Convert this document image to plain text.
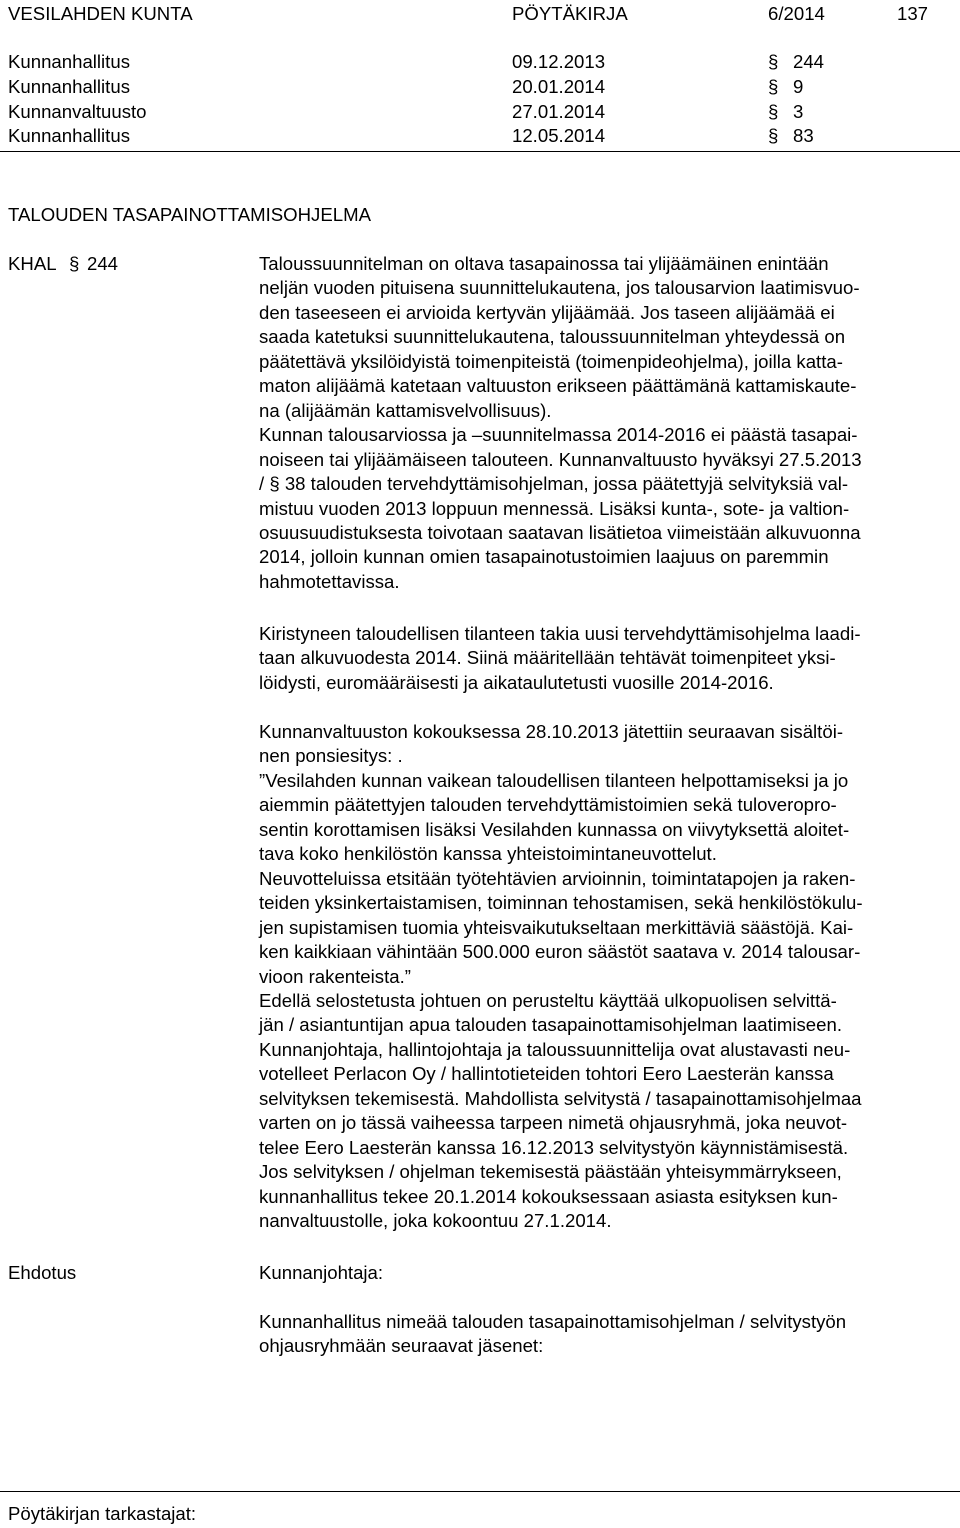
VESILAHDEN KUNTA	PÖYTÄKIRJA	6/2014	137
Kunnanhallitus	09.12.2013	§ 244
Kunnanhallitus	20.01.2014	§ 9
Kunnanvaltuusto	27.01.2014	§ 3
Kunnanhallitus	12.05.2014	§ 83
TALOUDEN TASAPAINOTTAMISOHJELMA
KHAL § 244	Taloussuunnitelman on oltava tasapainossa tai ylijäämäinen enintään
neljän vuoden pituisena suunnittelukautena, jos talousarvion laatimisvuo-
den taseeseen ei arvioida kertyvän ylijäämää. Jos taseen alijäämää ei
saada katetuksi suunnittelukautena, taloussuunnitelman yhteydessä on
päätettävä yksilöidyistä toimenpiteistä (toimenpideohjelma), joilla katta-
maton alijäämä katetaan valtuuston erikseen päättämänä kattamiskaute-
na (alijäämän kattamisvelvollisuus).
Kunnan talousarviossa ja –suunnitelmassa 2014-2016 ei päästä tasapai-
noiseen tai ylijäämäiseen talouteen. Kunnanvaltuusto hyväksyi 27.5.2013
/ § 38 talouden tervehdyttämisohjelman, jossa päätettyjä selvityksiä val-
mistuu vuoden 2013 loppuun mennessä. Lisäksi kunta-, sote- ja valtion-
osuusuudistuksesta toivotaan saatavan lisätietoa viimeistään alkuvuonna
2014, jolloin kunnan omien tasapainotustoimien laajuus on paremmin
hahmotettavissa.

Kiristyneen taloudellisen tilanteen takia uusi tervehdyttämisohjelma laadi-
taan alkuvuodesta 2014. Siinä määritellään tehtävät toimenpiteet yksi-
löidysti, euromääräisesti ja aikataulutetusti vuosille 2014-2016.

Kunnanvaltuuston kokouksessa 28.10.2013 jätettiin seuraavan sisältöi-
nen ponsiesitys: .
”Vesilahden kunnan vaikean taloudellisen tilanteen helpottamiseksi ja jo
aiemmin päätettyjen talouden tervehdyttämistoimien sekä tuloveropro-
sentin korottamisen lisäksi Vesilahden kunnassa on viivytyksettä aloitet-
tava koko henkilöstön kanssa yhteistoimintaneuvottelut.
Neuvotteluissa etsitään työtehtävien arvioinnin, toimintatapojen ja raken-
teiden yksinkertaistamisen, toiminnan tehostamisen, sekä henkilöstökulu-
jen supistamisen tuomia yhteisvaikutukseltaan merkittäviä säästöjä. Kai-
ken kaikkiaan vähintään 500.000 euron säästöt saatava v. 2014 talousar-
vioon rakenteista.”
Edellä selostetusta johtuen on perusteltu käyttää ulkopuolisen selvittä-
jän / asiantuntijan apua talouden tasapainottamisohjelman laatimiseen.
Kunnanjohtaja, hallintojohtaja ja taloussuunnittelija ovat alustavasti neu-
votelleet Perlacon Oy / hallintotieteiden tohtori Eero Laesterän kanssa
selvityksen tekemisestä. Mahdollista selvitystä / tasapainottamisohjelmaa
varten on jo tässä vaiheessa tarpeen nimetä ohjausryhmä, joka neuvot-
telee Eero Laesterän kanssa 16.12.2013 selvitystyön käynnistämisestä.
Jos selvityksen / ohjelman tekemisestä päästään yhteisymmärrykseen,
kunnanhallitus tekee 20.1.2014 kokouksessaan asiasta esityksen kun-
nanvaltuustolle, joka kokoontuu 27.1.2014.

Ehdotus	Kunnanjohtaja:

Kunnanhallitus nimeää talouden tasapainottamisohjelman / selvitystyön
ohjausryhmään seuraavat jäsenet:

Pöytäkirjan tarkastajat:
